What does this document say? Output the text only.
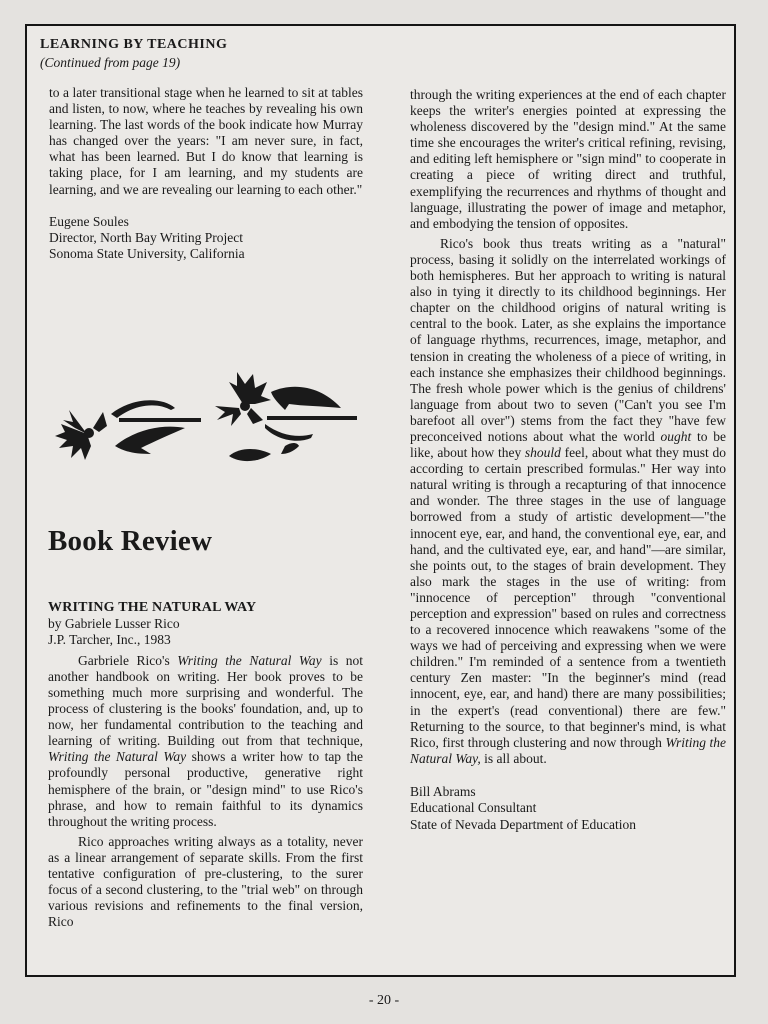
LEARNING BY TEACHING
(Continued from page 19)

to a later transitional stage when he learned to sit at tables and listen, to now, where he teaches by revealing his own learning. The last words of the book indicate how Murray has changed over the years: "I am never sure, in fact, what has been learned. But I do know that learning is taking place, for I am learning, and my students are learning, and we are revealing our learning to each other."

Eugene Soules
Director, North Bay Writing Project
Sonoma State University, California
Book Review
WRITING THE NATURAL WAY
by Gabriele Lusser Rico
J.P. Tarcher, Inc., 1983

Garbriele Rico's Writing the Natural Way is not another handbook on writing. Her book proves to be something much more surprising and wonderful. The process of clustering is the books' foundation, and, up to now, her fundamental contribution to the teaching and learning of writing. Building out from that technique, Writing the Natural Way shows a writer how to tap the profoundly personal productive, generative right hemisphere of the brain, or "design mind" to use Rico's phrase, and how to remain faithful to its dynamics throughout the writing process.

Rico approaches writing always as a totality, never as a linear arrangement of separate skills. From the first tentative configuration of pre-clustering, to the surer focus of a second clustering, to the "trial web" on through various revisions and refinements to the final version, Rico

through the writing experiences at the end of each chapter keeps the writer's energies pointed at expressing the wholeness discovered by the "design mind." At the same time she encourages the writer's critical refining, revising, and editing left hemisphere or "sign mind" to cooperate in creating a piece of writing direct and truthful, exemplifying the recurrences and rhythms of thought and language, illustrating the power of image and metaphor, and embodying the tension of opposites.

Rico's book thus treats writing as a "natural" process, basing it solidly on the interrelated workings of both hemispheres. But her approach to writing is natural also in tying it directly to its childhood beginnings. Her chapter on the childhood origins of natural writing is central to the book. Later, as she explains the importance of language rhythms, recurrences, image, metaphor, and tension in creating the wholeness of a piece of writing, in each instance she emphasizes their childhood beginnings. The fresh whole power which is the genius of childrens' language from about two to seven ("Can't you see I'm barefoot all over") stems from the fact they "have few preconceived notions about what the world ought to be like, about how they should feel, about what they must do according to certain prescribed formulas." Her way into natural writing is through a recapturing of that innocence and wonder. The three stages in the use of language borrowed from a study of artistic development—"the innocent eye, ear, and hand, the conventional eye, ear, and hand, and the cultivated eye, ear, and hand"—are similar, she points out, to the stages of brain development. They also mark the stages in the use of writing: from "innocence of perception" through "conventional perception and expression" based on rules and correctness to a recovered innocence which reawakens "some of the ways we had of perceiving and expressing when we were children." I'm reminded of a sentence from a twentieth century Zen master: "In the beginner's mind (read innocent, eye, ear, and hand) there are many possibilities; in the expert's (read conventional) there are few." Returning to the source, to that beginner's mind, is what Rico, first through clustering and now through Writing the Natural Way, is all about.

Bill Abrams
Educational Consultant
State of Nevada Department of Education
- 20 -
